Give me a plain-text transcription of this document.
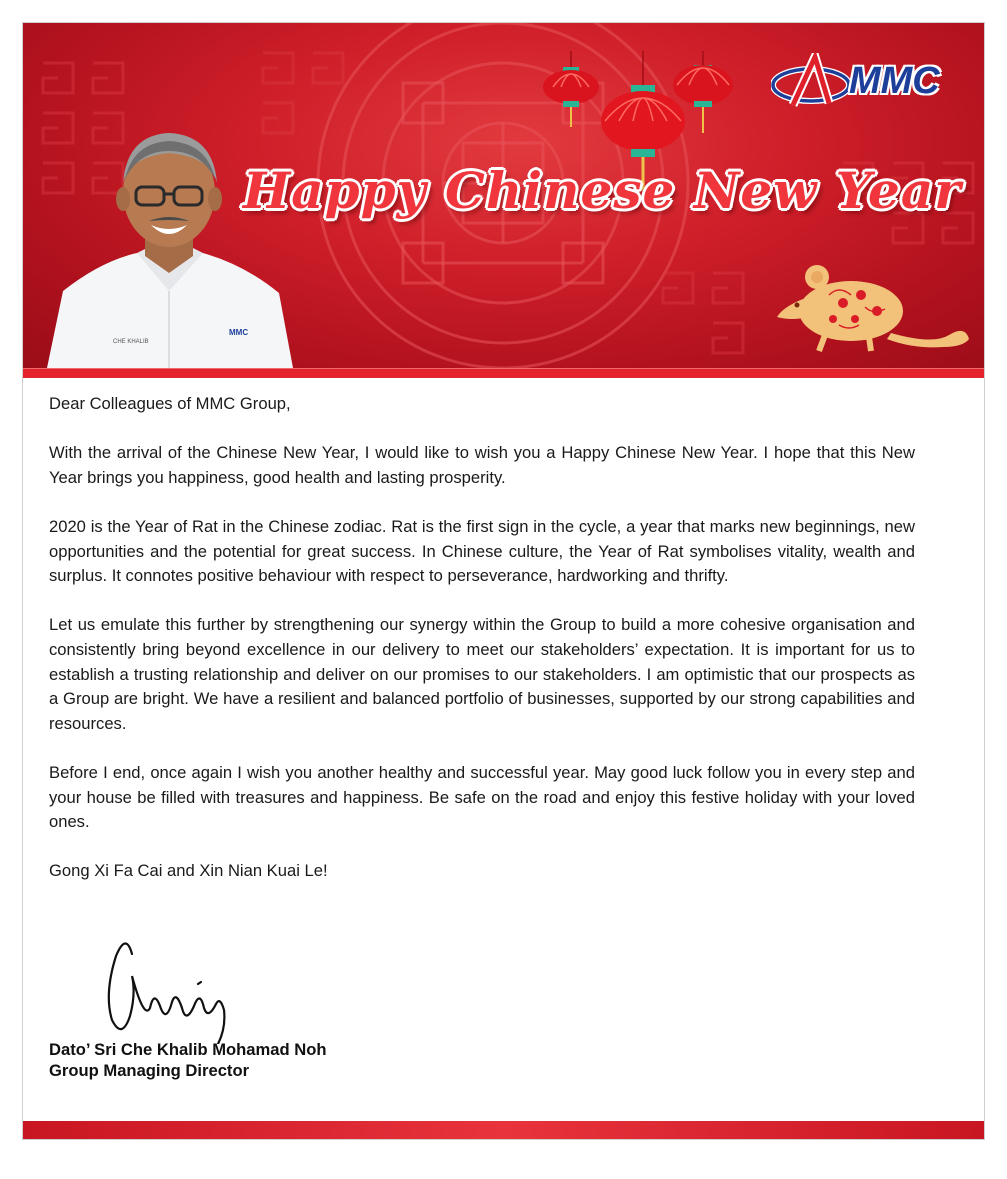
MMC
Happy Chinese New Year
MMC
CHE KHALIB

Dear Colleagues of MMC Group,

With the arrival of the Chinese New Year, I would like to wish you a Happy Chinese New Year. I hope that this New Year brings you happiness, good health and lasting prosperity.

2020 is the Year of Rat in the Chinese zodiac. Rat is the first sign in the cycle, a year that marks new beginnings, new opportunities and the potential for great success. In Chinese culture, the Year of Rat symbolises vitality, wealth and surplus. It connotes positive behaviour with respect to perseverance, hardworking and thrifty.

Let us emulate this further by strengthening our synergy within the Group to build a more cohesive organisation and consistently bring beyond excellence in our delivery to meet our stakeholders’ expectation. It is important for us to establish a trusting relationship and deliver on our promises to our stakeholders. I am optimistic that our prospects as a Group are bright. We have a resilient and balanced portfolio of businesses, supported by our strong capabilities and resources.

Before I end, once again I wish you another healthy and successful year. May good luck follow you in every step and your house be filled with treasures and happiness. Be safe on the road and enjoy this festive holiday with your loved ones.

Gong Xi Fa Cai and Xin Nian Kuai Le!

Dato’ Sri Che Khalib Mohamad Noh
Group Managing Director
